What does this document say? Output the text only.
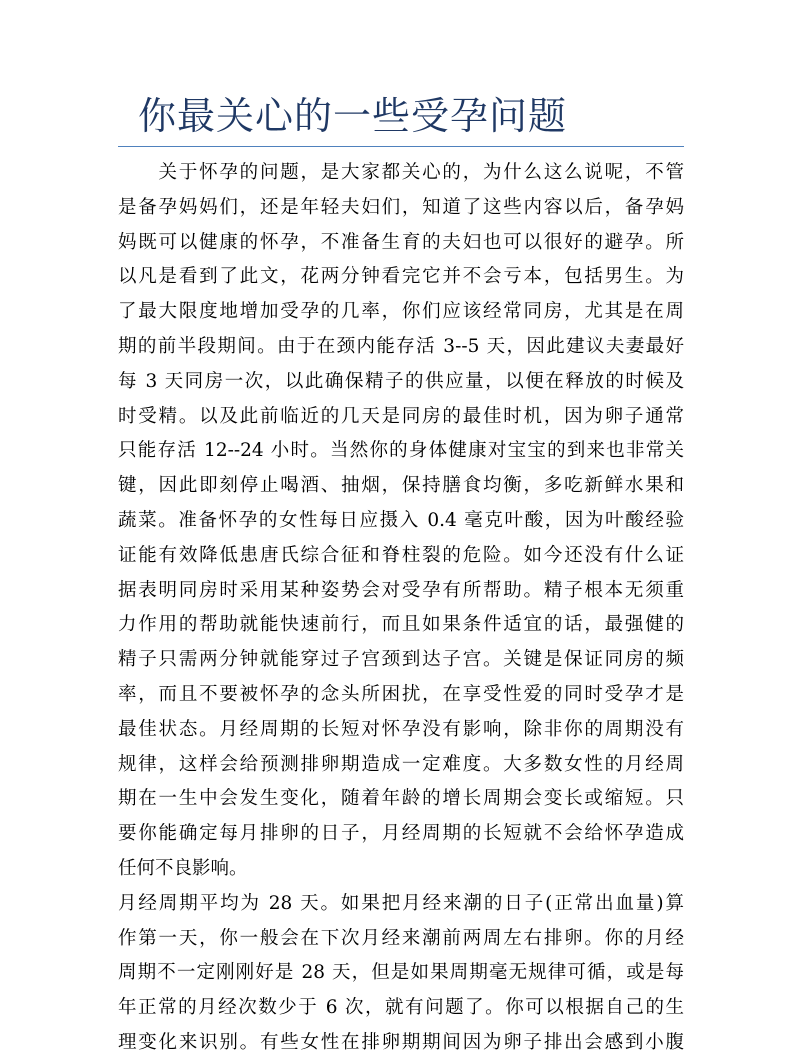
你最关心的一些受孕问题
　　关于怀孕的问题，是大家都关心的，为什么这么说呢，不管
是备孕妈妈们，还是年轻夫妇们，知道了这些内容以后，备孕妈
妈既可以健康的怀孕，不准备生育的夫妇也可以很好的避孕。所
以凡是看到了此文，花两分钟看完它并不会亏本，包括男生。为
了最大限度地增加受孕的几率，你们应该经常同房，尤其是在周
期的前半段期间。由于在颈内能存活 3--5 天，因此建议夫妻最好
每 3 天同房一次，以此确保精子的供应量，以便在释放的时候及
时受精。以及此前临近的几天是同房的最佳时机，因为卵子通常
只能存活 12--24 小时。当然你的身体健康对宝宝的到来也非常关
键，因此即刻停止喝酒、抽烟，保持膳食均衡，多吃新鲜水果和
蔬菜。准备怀孕的女性每日应摄入 0.4 毫克叶酸，因为叶酸经验
证能有效降低患唐氏综合征和脊柱裂的危险。如今还没有什么证
据表明同房时采用某种姿势会对受孕有所帮助。精子根本无须重
力作用的帮助就能快速前行，而且如果条件适宜的话，最强健的
精子只需两分钟就能穿过子宫颈到达子宫。关键是保证同房的频
率，而且不要被怀孕的念头所困扰，在享受性爱的同时受孕才是
最佳状态。月经周期的长短对怀孕没有影响，除非你的周期没有
规律，这样会给预测排卵期造成一定难度。大多数女性的月经周
期在一生中会发生变化，随着年龄的增长周期会变长或缩短。只
要你能确定每月排卵的日子，月经周期的长短就不会给怀孕造成
任何不良影响。
月经周期平均为 28 天。如果把月经来潮的日子(正常出血量)算
作第一天，你一般会在下次月经来潮前两周左右排卵。你的月经
周期不一定刚刚好是 28 天，但是如果周期毫无规律可循，或是每
年正常的月经次数少于 6 次，就有问题了。你可以根据自己的生
理变化来识别。有些女性在排卵期期间因为卵子排出会感到小腹
